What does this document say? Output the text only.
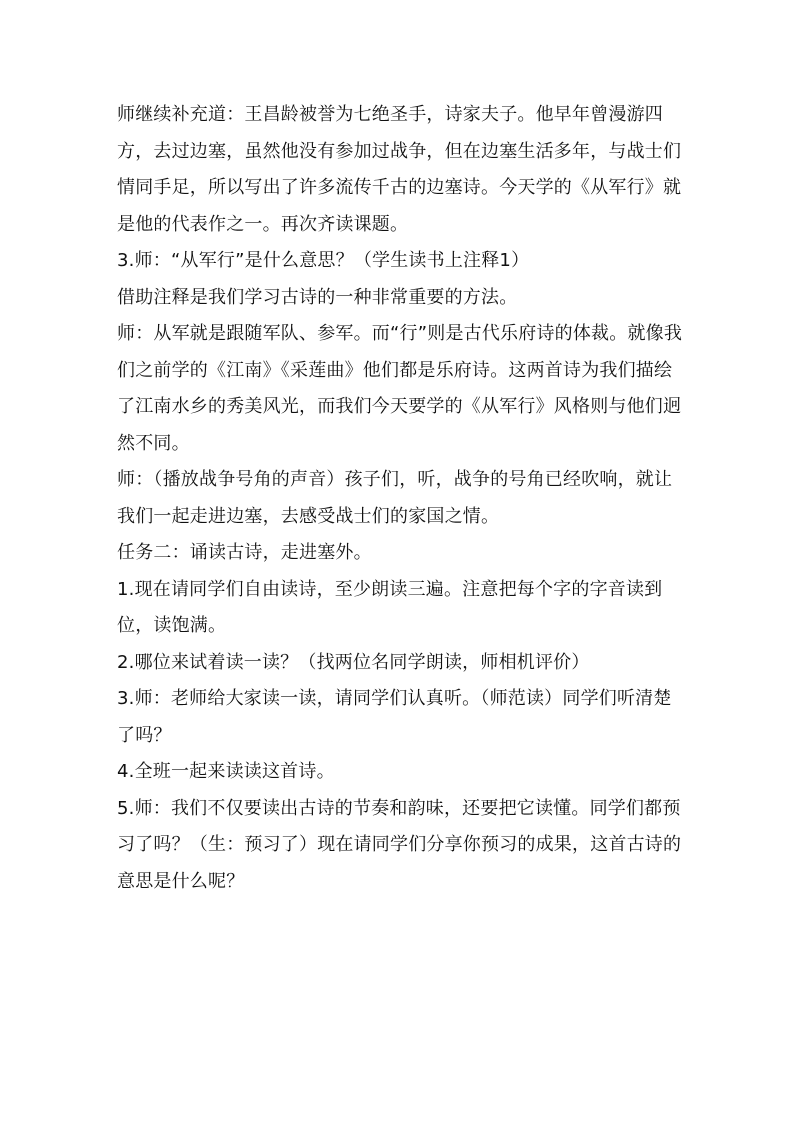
师继续补充道：王昌龄被誉为七绝圣手，诗家夫子。他早年曾漫游四方，去过边塞，虽然他没有参加过战争，但在边塞生活多年，与战士们情同手足，所以写出了许多流传千古的边塞诗。今天学的《从军行》就是他的代表作之一。再次齐读课题。

3.师：“从军行”是什么意思？（学生读书上注释1）

借助注释是我们学习古诗的一种非常重要的方法。

师：从军就是跟随军队、参军。而“行”则是古代乐府诗的体裁。就像我们之前学的《江南》《采莲曲》他们都是乐府诗。这两首诗为我们描绘了江南水乡的秀美风光，而我们今天要学的《从军行》风格则与他们迥然不同。

师：（播放战争号角的声音）孩子们，听，战争的号角已经吹响，就让我们一起走进边塞，去感受战士们的家国之情。

任务二：诵读古诗，走进塞外。

1.现在请同学们自由读诗，至少朗读三遍。注意把每个字的字音读到位，读饱满。

2.哪位来试着读一读？（找两位名同学朗读，师相机评价）

3.师：老师给大家读一读，请同学们认真听。（师范读）同学们听清楚了吗？

4.全班一起来读读这首诗。

5.师：我们不仅要读出古诗的节奏和韵味，还要把它读懂。同学们都预习了吗？（生：预习了）现在请同学们分享你预习的成果，这首古诗的意思是什么呢？
